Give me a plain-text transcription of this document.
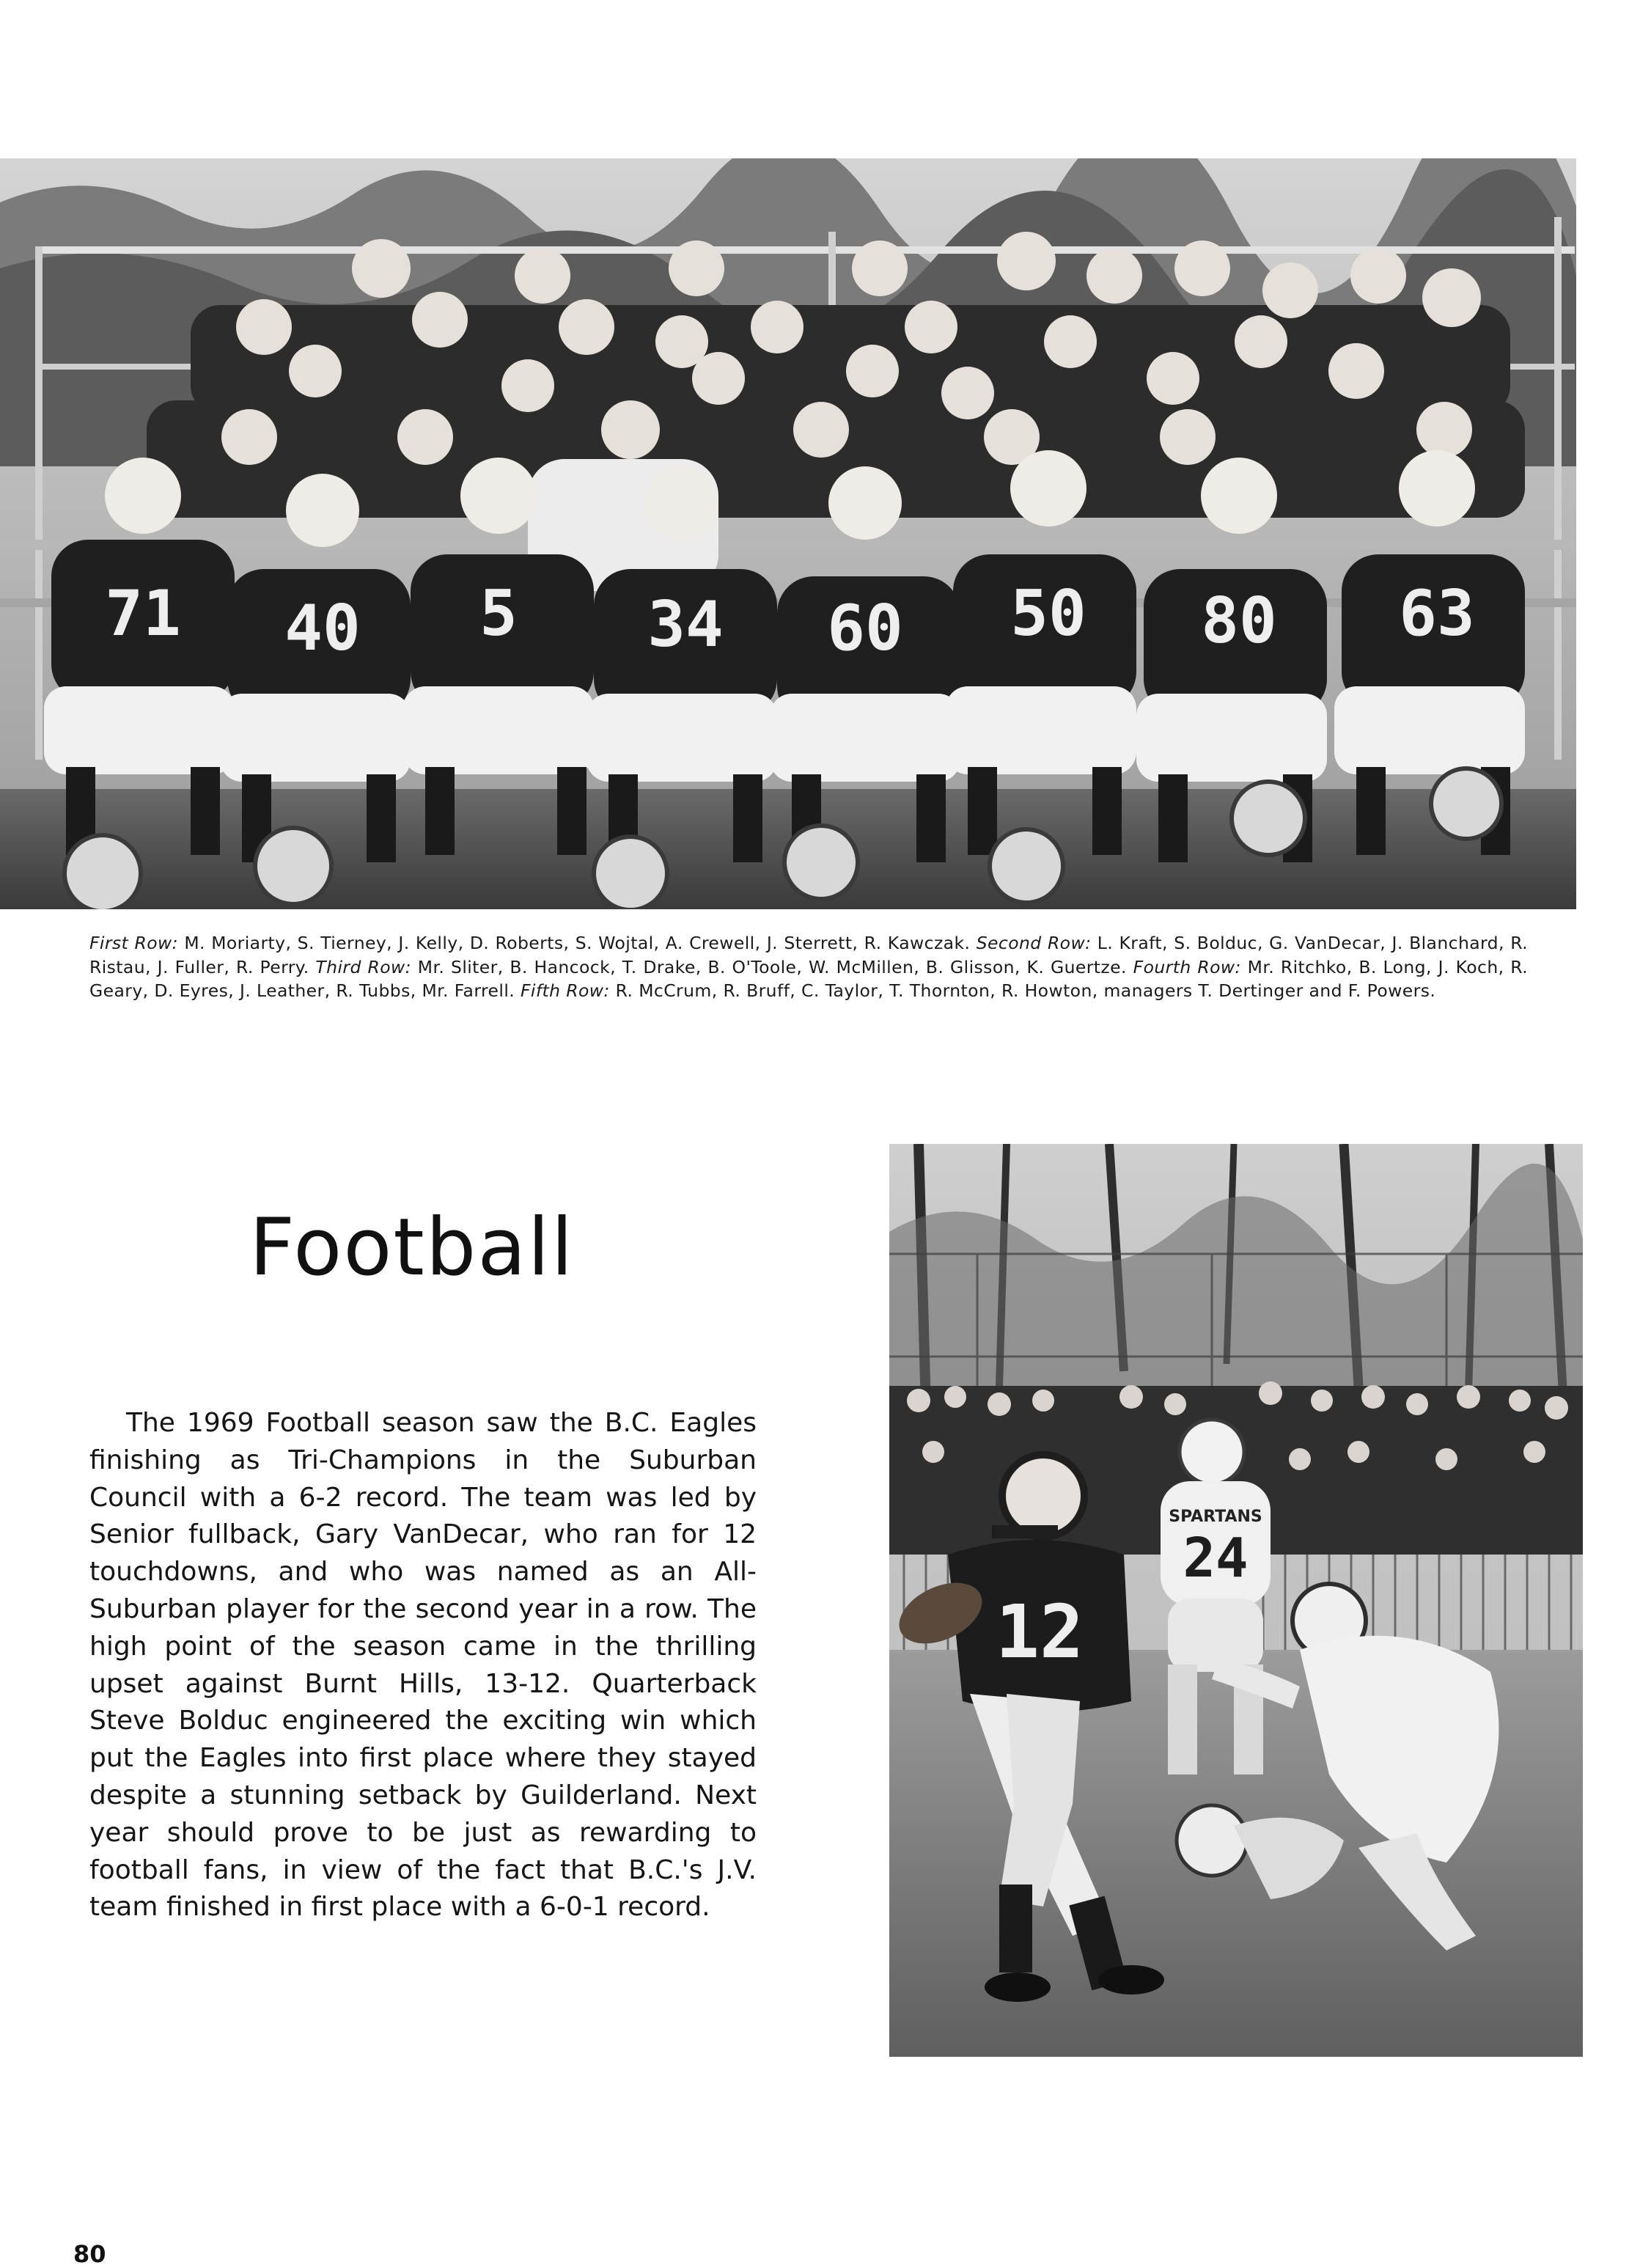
71 40 5 34 60 50 80 63
First Row: M. Moriarty, S. Tierney, J. Kelly, D. Roberts, S. Wojtal, A. Crewell, J. Sterrett, R. Kawczak. Second Row: L. Kraft, S. Bolduc, G. VanDecar, J. Blanchard, R. Ristau, J. Fuller, R. Perry. Third Row: Mr. Sliter, B. Hancock, T. Drake, B. O'Toole, W. McMillen, B. Glisson, K. Guertze. Fourth Row: Mr. Ritchko, B. Long, J. Koch, R. Geary, D. Eyres, J. Leather, R. Tubbs, Mr. Farrell. Fifth Row: R. McCrum, R. Bruff, C. Taylor, T. Thornton, R. Howton, managers T. Dertinger and F. Powers.
Football

The 1969 Football season saw the B.C. Eagles finishing as Tri-Champions in the Suburban Council with a 6-2 record. The team was led by Senior fullback, Gary VanDecar, who ran for 12 touchdowns, and who was named as an All-Suburban player for the second year in a row. The high point of the season came in the thrilling upset against Burnt Hills, 13-12. Quarterback Steve Bolduc engineered the exciting win which put the Eagles into first place where they stayed despite a stunning setback by Guilderland. Next year should prove to be just as rewarding to football fans, in view of the fact that B.C.'s J.V. team finished in first place with a 6-0-1 record.

SPARTANS
24
12
80
